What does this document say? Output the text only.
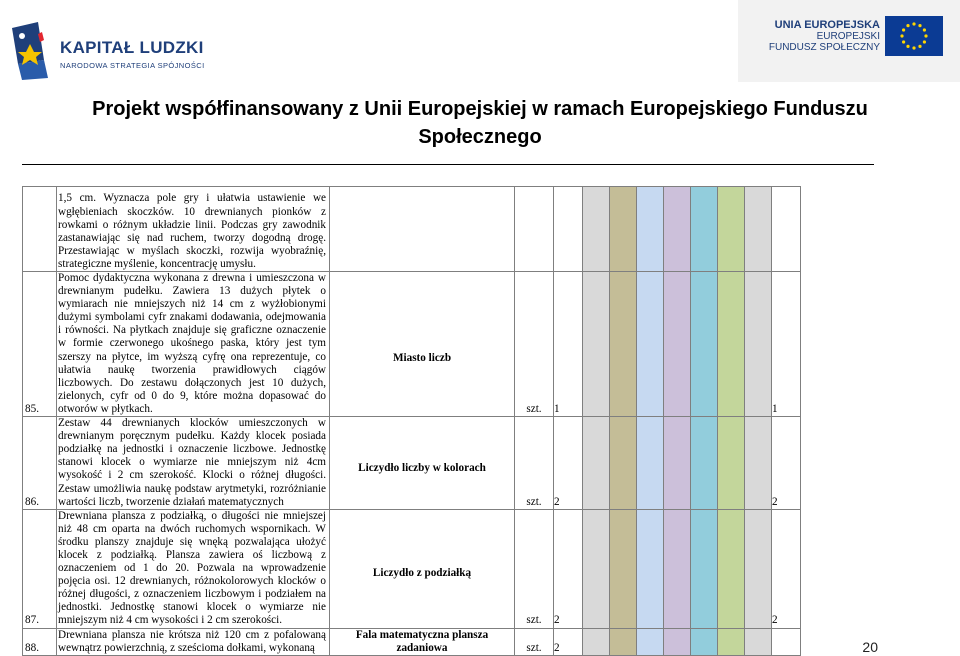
KAPITAŁ LUDZKI
NARODOWA STRATEGIA SPÓJNOŚCI
UNIA EUROPEJSKA
EUROPEJSKI
FUNDUSZ SPOŁECZNY
Projekt współfinansowany z Unii Europejskiej w ramach Europejskiego Funduszu Społecznego
	1,5 cm. Wyznacza pole gry i ułatwia ustawienie we wgłębieniach skoczków. 10 drewnianych pionków z rowkami o różnym układzie linii. Podczas gry zawodnik zastanawiając się nad ruchem, tworzy dogodną drogę. Przestawiając w myślach skoczki, rozwija wyobraźnię, strategiczne myślenie, koncentrację umysłu.											
85.	Pomoc dydaktyczna wykonana z drewna i umieszczona w drewnianym pudełku. Zawiera 13 dużych płytek o wymiarach nie mniejszych niż 14 cm z wyżłobionymi dużymi symbolami cyfr znakami dodawania, odejmowania i równości. Na płytkach znajduje się graficzne oznaczenie w formie czerwonego ukośnego paska, który jest tym szerszy na płytce, im wyższą cyfrę ona reprezentuje, co ułatwia naukę tworzenia prawidłowych ciągów liczbowych. Do zestawu dołączonych jest 10 dużych, zielonych, cyfr od 0 do 9, które można dopasować do otworów w płytkach.	Miasto liczb	szt.	1								1
86.	Zestaw 44 drewnianych klocków umieszczonych w drewnianym poręcznym pudełku. Każdy klocek posiada podziałkę na jednostki i oznaczenie liczbowe. Jednostkę stanowi klocek o wymiarze nie mniejszym niż 4cm wysokość i 2 cm szerokość. Klocki o różnej długości. Zestaw umożliwia naukę podstaw arytmetyki, rozróżnianie wartości liczb, tworzenie działań matematycznych	Liczydło liczby w kolorach	szt.	2								2
87.	Drewniana plansza z podziałką, o długości nie mniejszej niż 48 cm oparta na dwóch ruchomych wspornikach. W środku planszy znajduje się wnęką pozwalająca ułożyć klocek z podziałką. Plansza zawiera oś liczbową z oznaczeniem od 1 do 20. Pozwala na wprowadzenie pojęcia osi. 12 drewnianych, różnokolorowych klocków o różnej długości, z oznaczeniem liczbowym i podziałem na jednostki. Jednostkę stanowi klocek o wymiarze nie mniejszym niż 4 cm wysokości i 2 cm szerokości.	Liczydło z podziałką	szt.	2								2
88.	Drewniana plansza nie krótsza niż 120 cm z pofalowaną wewnątrz powierzchnią, z sześcioma dołkami, wykonaną	Fala matematyczna plansza zadaniowa	szt.	2									20
